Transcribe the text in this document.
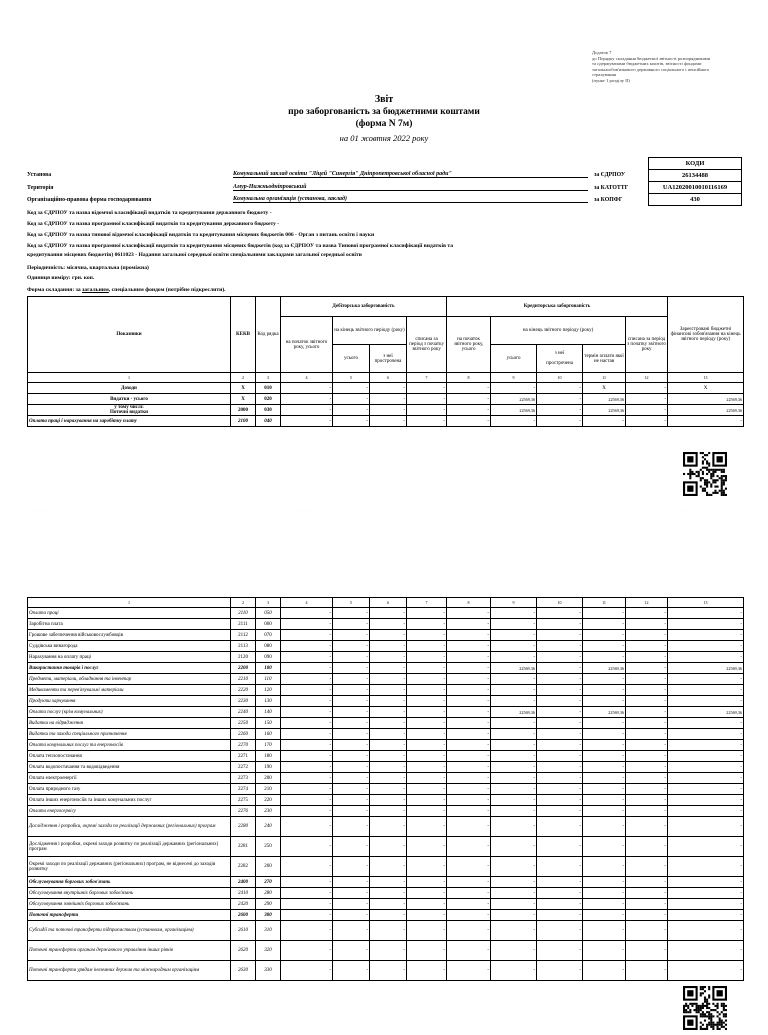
Додаток 7
до Порядку складання бюджетної звітності розпорядниками
та одержувачами бюджетних коштів, звітності фондами
загальнообов'язкового державного соціального і пенсійного
страхування
(пункт 1 розділу ІІ)
Звіт
про заборгованість за бюджетними коштами
(форма N 7м)
на 01 жовтня 2022 року
КОДИ
26134488
UA12020010010116169
430
Установа	Комунальний заклад освіти "Ліцей "Синергія" Дніпропетровської обласної ради"	за ЄДРПОУ
Територія	Амур-Нижньодніпровський	за КАТОТТГ
Організаційно-правова форма господарювання	Комунальна організація (установа, заклад)	за КОПФГ
Код за ЄДРПОУ та назва відомчої класифікації видатків та кредитування державного бюджету -
Код за ЄДРПОУ та назва програмної класифікації видатків та кредитування державного бюджету -
Код за ЄДРПОУ та назва типової відомчої класифікації видатків та кредитування місцевих бюджетів 006 - Орган з питань освіти і науки
Код за ЄДРПОУ та назва програмної класифікації видатків та кредитування місцевих бюджетів (код за ЄДРПОУ та назва Типової програмної класифікації видатків та
кредитування місцевих бюджетів) 0611023 - Надання загальної середньої освіти спеціальними закладами загальної середньої освіти
Періодичність: місячна, квартальна (проміжна)
Одиниця виміру: грн. коп.
Форма складання: за загальним, спеціальним фондом (потрібне підкреслити).
Показники	КЕКВ	Код рядка	Дебіторська заборгованість				Кредиторська заборгованість					Зареєстровані бюджетні фінансові зобов'язання на кінець звітного періоду (року)
			на початок звітного року, усього	на кінець звітного періоду (року)		списана за період з початку звітного року	на початок звітного року, усього	на кінець звітного періоду (року)			списана за період з початку звітного року	
				усього	з неї прострочена			усього	з неї

прострочена	термін оплати якої не настав		
1	2	3	4	5	6	7	8	9	10	11	12	13
Доходи	Х	010	-	-	-	-	-	-	-	Х	-	Х
Видатки - усього	Х	020	-	-	-	-	-	22569,36	-	22569,36	-	22569,36
у тому числі:
Поточні видатки	2000	030	-	-	-	-	-	22569,36	-	22569,36	-	22569,36
Оплата праці і нарахування на заробітну плату	2100	040	-	-	-	-	-	-	-	-	-	-
· · · · · · · · · · · ·	· · · · · · · · · · ·	· · · · · ·
1	2	3	4	5	6	7	8	9	10	11	12	13
Оплата праці	2110	050	-	-	-	-	-	-	-	-	-	-
Заробітна плата	2111	060	-	-	-	-	-	-	-	-	-	-
Грошове забезпечення військовослужбовців	2112	070	-	-	-	-	-	-	-	-	-	-
Суддівська винагорода	2113	080	-	-	-	-	-	-	-	-	-	-
Нарахування на оплату праці	2120	090	-	-	-	-	-	-	-	-	-	-
Використання товарів і послуг	2200	100	-	-	-	-	-	22569,36	-	22569,36	-	22569,36
Предмети, матеріали, обладнання та інвентар	2210	110	-	-	-	-	-	-	-	-	-	-
Медикаменти та перев'язувальні матеріали	2220	120	-	-	-	-	-	-	-	-	-	-
Продукти харчування	2230	130	-	-	-	-	-	-	-	-	-	-
Оплата послуг (крім комунальних)	2240	140	-	-	-	-	-	22569,36	-	22569,36	-	22569,36
Видатки на відрядження	2250	150	-	-	-	-	-	-	-	-	-	-
Видатки та заходи спеціального призначення	2260	160	-	-	-	-	-	-	-	-	-	-
Оплата комунальних послуг та енергоносіїв	2270	170	-	-	-	-	-	-	-	-	-	-
Оплата теплопостачання	2271	180	-	-	-	-	-	-	-	-	-	-
Оплата водопостачання та водовідведення	2272	190	-	-	-	-	-	-	-	-	-	-
Оплата електроенергії	2273	200	-	-	-	-	-	-	-	-	-	-
Оплата природного газу	2274	210	-	-	-	-	-	-	-	-	-	-
Оплата інших енергоносіїв та інших комунальних послуг	2275	220	-	-	-	-	-	-	-	-	-	-
Оплата енергосервісу	2276	230	-	-	-	-	-	-	-	-	-	-
Дослідження і розробки, окремі заходи по реалізації державних (регіональних) програм	2280	240	-	-	-	-	-	-	-	-	-	-
Дослідження і розробки, окремі заходи розвитку по реалізації державних (регіональних) програм	2281	250	-	-	-	-	-	-	-	-	-	-
Окремі заходи по реалізації державних (регіональних) програм, не віднесені до заходів розвитку	2282	260	-	-	-	-	-	-	-	-	-	-
Обслуговування боргових зобов'язань	2400	270	-	-	-	-	-	-	-	-	-	-
Обслуговування внутрішніх боргових зобов'язань	2410	280	-	-	-	-	-	-	-	-	-	-
Обслуговування зовнішніх боргових зобов'язань	2420	290	-	-	-	-	-	-	-	-	-	-
Поточні трансферти	2600	300	-	-	-	-	-	-	-	-	-	-
Субсидії та поточні трансферти підприємствам (установам, організаціям)	2610	310	-	-	-	-	-	-	-	-	-	-
Поточні трансферти органам державного управління інших рівнів	2620	320	-	-	-	-	-	-	-	-	-	-
Поточні трансферти урядам іноземних держав та міжнародним організаціям	2630	330	-	-	-	-	-	-	-	-	-	-
